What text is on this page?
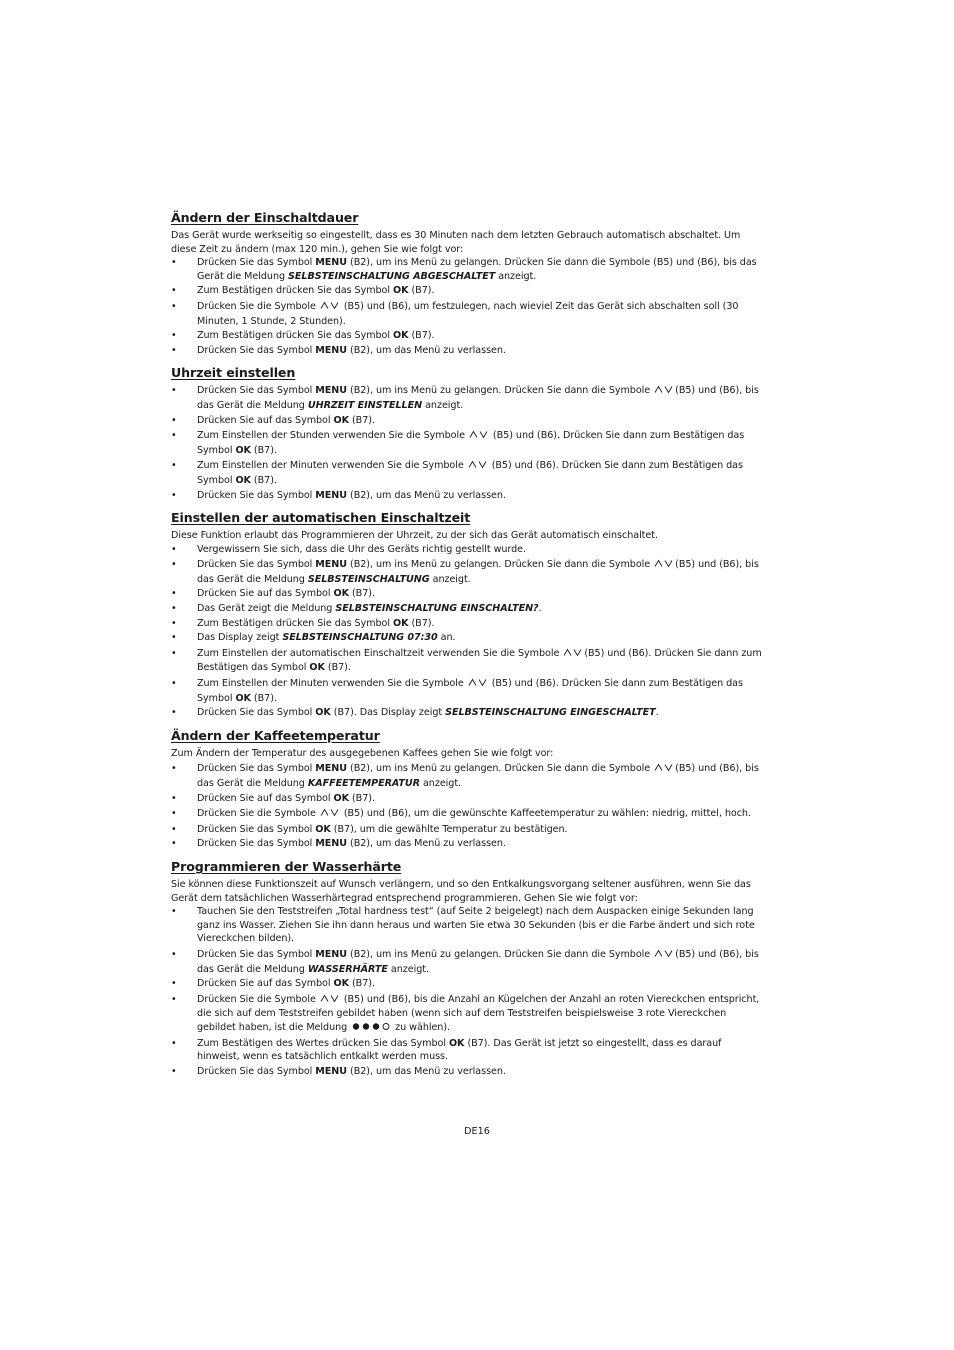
Ändern der Einschaltdauer

Das Gerät wurde werkseitig so eingestellt, dass es 30 Minuten nach dem letzten Gebrauch automatisch abschaltet. Um diese Zeit zu ändern (max 120 min.), gehen Sie wie folgt vor:

• Drücken Sie das Symbol MENU (B2), um ins Menü zu gelangen. Drücken Sie dann die Symbole (B5) und (B6), bis das Gerät die Meldung SELBSTEINSCHALTUNG ABGESCHALTET anzeigt.
• Zum Bestätigen drücken Sie das Symbol OK (B7).
• Drücken Sie die Symbole  (B5) und (B6), um festzulegen, nach wieviel Zeit das Gerät sich abschalten soll (30 Minuten, 1 Stunde, 2 Stunden).
• Zum Bestätigen drücken Sie das Symbol OK (B7).
• Drücken Sie das Symbol MENU (B2), um das Menü zu verlassen.
Uhrzeit einstellen
• Drücken Sie das Symbol MENU (B2), um ins Menü zu gelangen. Drücken Sie dann die Symbole (B5) und (B6), bis das Gerät die Meldung UHRZEIT EINSTELLEN anzeigt.
• Drücken Sie auf das Symbol OK (B7).
• Zum Einstellen der Stunden verwenden Sie die Symbole  (B5) und (B6). Drücken Sie dann zum Bestätigen das Symbol OK (B7).
• Zum Einstellen der Minuten verwenden Sie die Symbole  (B5) und (B6). Drücken Sie dann zum Bestätigen das Symbol OK (B7).
• Drücken Sie das Symbol MENU (B2), um das Menü zu verlassen.
Einstellen der automatischen Einschaltzeit

Diese Funktion erlaubt das Programmieren der Uhrzeit, zu der sich das Gerät automatisch einschaltet.

• Vergewissern Sie sich, dass die Uhr des Geräts richtig gestellt wurde.
• Drücken Sie das Symbol MENU (B2), um ins Menü zu gelangen. Drücken Sie dann die Symbole (B5) und (B6), bis das Gerät die Meldung SELBSTEINSCHALTUNG anzeigt.
• Drücken Sie auf das Symbol OK (B7).
• Das Gerät zeigt die Meldung SELBSTEINSCHALTUNG EINSCHALTEN?.
• Zum Bestätigen drücken Sie das Symbol OK (B7).
• Das Display zeigt SELBSTEINSCHALTUNG 07:30 an.
• Zum Einstellen der automatischen Einschaltzeit verwenden Sie die Symbole (B5) und (B6). Drücken Sie dann zum Bestätigen das Symbol OK (B7).
• Zum Einstellen der Minuten verwenden Sie die Symbole  (B5) und (B6). Drücken Sie dann zum Bestätigen das Symbol OK (B7).
• Drücken Sie das Symbol OK (B7). Das Display zeigt SELBSTEINSCHALTUNG EINGESCHALTET.
Ändern der Kaffeetemperatur

Zum Ändern der Temperatur des ausgegebenen Kaffees gehen Sie wie folgt vor:

• Drücken Sie das Symbol MENU (B2), um ins Menü zu gelangen. Drücken Sie dann die Symbole (B5) und (B6), bis das Gerät die Meldung KAFFEETEMPERATUR anzeigt.
• Drücken Sie auf das Symbol OK (B7).
• Drücken Sie die Symbole  (B5) und (B6), um die gewünschte Kaffeetemperatur zu wählen: niedrig, mittel, hoch.
• Drücken Sie das Symbol OK (B7), um die gewählte Temperatur zu bestätigen.
• Drücken Sie das Symbol MENU (B2), um das Menü zu verlassen.
Programmieren der Wasserhärte

Sie können diese Funktionszeit auf Wunsch verlängern, und so den Entkalkungsvorgang seltener ausführen, wenn Sie das Gerät dem tatsächlichen Wasserhärtegrad entsprechend programmieren. Gehen Sie wie folgt vor:

• Tauchen Sie den Teststreifen „Total hardness test“ (auf Seite 2 beigelegt) nach dem Auspacken einige Sekunden lang ganz ins Wasser. Ziehen Sie ihn dann heraus und warten Sie etwa 30 Sekunden (bis er die Farbe ändert und sich rote Viereckchen bilden).
• Drücken Sie das Symbol MENU (B2), um ins Menü zu gelangen. Drücken Sie dann die Symbole (B5) und (B6), bis das Gerät die Meldung WASSERHÄRTE anzeigt.
• Drücken Sie auf das Symbol OK (B7).
• Drücken Sie die Symbole  (B5) und (B6), bis die Anzahl an Kügelchen der Anzahl an roten Viereckchen entspricht, die sich auf dem Teststreifen gebildet haben (wenn sich auf dem Teststreifen beispielsweise 3 rote Viereckchen gebildet haben, ist die Meldung	zu wählen).
• Zum Bestätigen des Wertes drücken Sie das Symbol OK (B7). Das Gerät ist jetzt so eingestellt, dass es darauf hinweist, wenn es tatsächlich entkalkt werden muss.
• Drücken Sie das Symbol MENU (B2), um das Menü zu verlassen.
DE16
